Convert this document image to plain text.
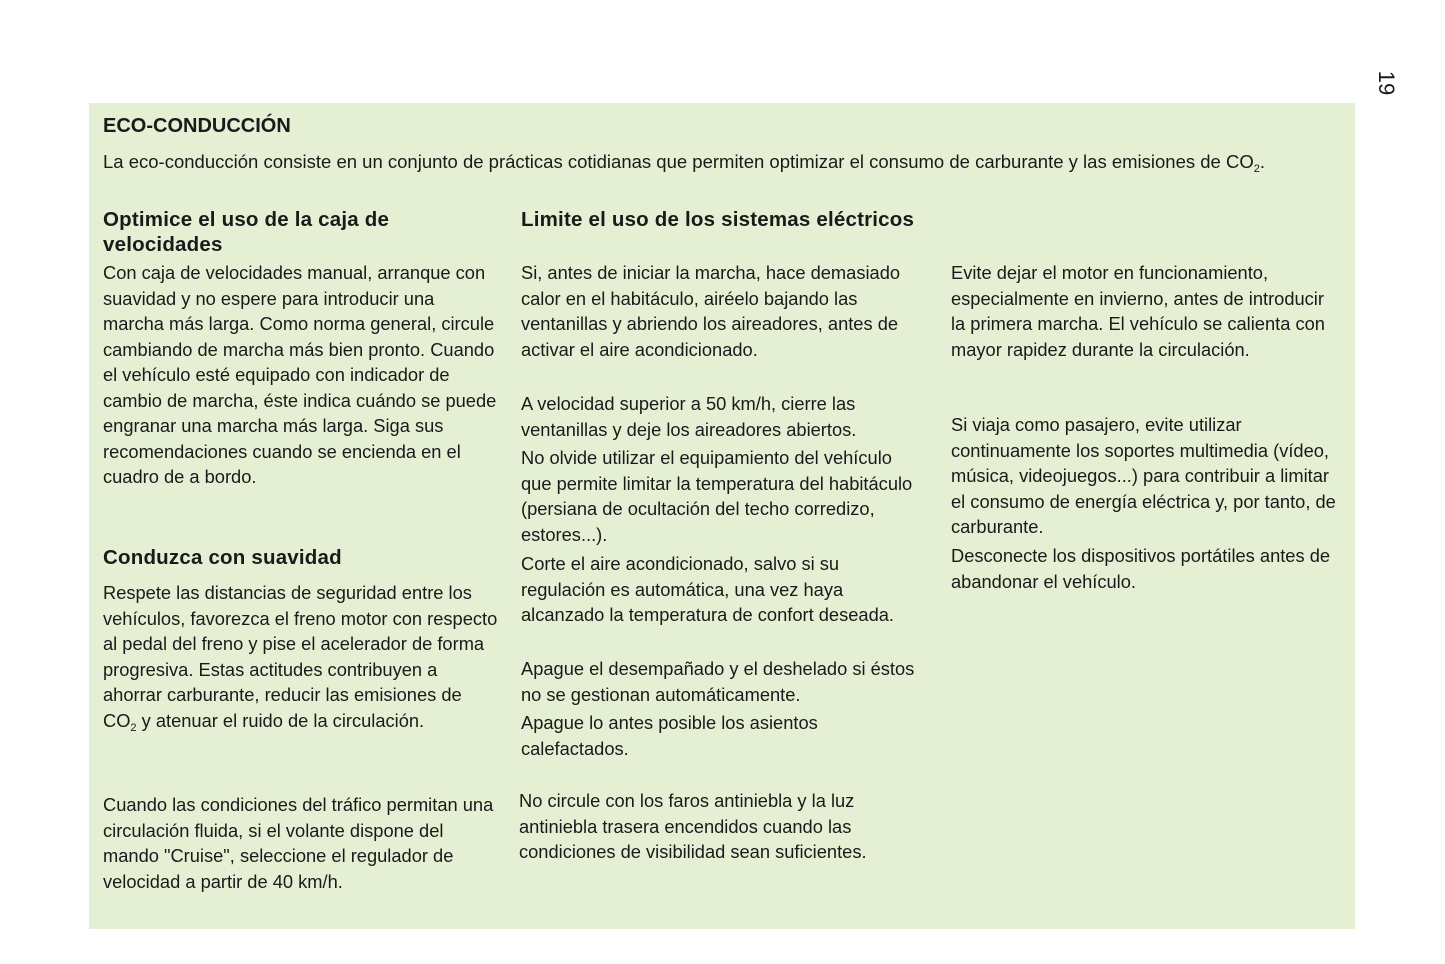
19
ECO-CONDUCCIÓN

La eco-conducción consiste en un conjunto de prácticas cotidianas que permiten optimizar el consumo de carburante y las emisiones de $CO_2$.

Optimice el uso de la caja de velocidades

Con caja de velocidades manual, arranque con suavidad y no espere para introducir una marcha más larga. Como norma general, circule cambiando de marcha más bien pronto. Cuando el vehículo esté equipado con indicador de cambio de marcha, éste indica cuándo se puede engranar una marcha más larga. Siga sus recomendaciones cuando se encienda en el cuadro de a bordo.

Conduzca con suavidad

Respete las distancias de seguridad entre los vehículos, favorezca el freno motor con respecto al pedal del freno y pise el acelerador de forma progresiva. Estas actitudes contribuyen a ahorrar carburante, reducir las emisiones de $CO_2$ y atenuar el ruido de la circulación.

Cuando las condiciones del tráfico permitan una circulación fluida, si el volante dispone del mando "Cruise", seleccione el regulador de velocidad a partir de 40 km/h.

Limite el uso de los sistemas eléctricos

Si, antes de iniciar la marcha, hace demasiado calor en el habitáculo, airéelo bajando las ventanillas y abriendo los aireadores, antes de activar el aire acondicionado.

A velocidad superior a 50 km/h, cierre las ventanillas y deje los aireadores abiertos.

No olvide utilizar el equipamiento del vehículo que permite limitar la temperatura del habitáculo (persiana de ocultación del techo corredizo, estores...).

Corte el aire acondicionado, salvo si su regulación es automática, una vez haya alcanzado la temperatura de confort deseada.

Apague el desempañado y el deshelado si éstos no se gestionan automáticamente.

Apague lo antes posible los asientos calefactados.

No circule con los faros antiniebla y la luz antiniebla trasera encendidos cuando las condiciones de visibilidad sean suficientes.

Evite dejar el motor en funcionamiento, especialmente en invierno, antes de introducir la primera marcha. El vehículo se calienta con mayor rapidez durante la circulación.

Si viaja como pasajero, evite utilizar continuamente los soportes multimedia (vídeo, música, videojuegos...) para contribuir a limitar el consumo de energía eléctrica y, por tanto, de carburante.

Desconecte los dispositivos portátiles antes de abandonar el vehículo.
